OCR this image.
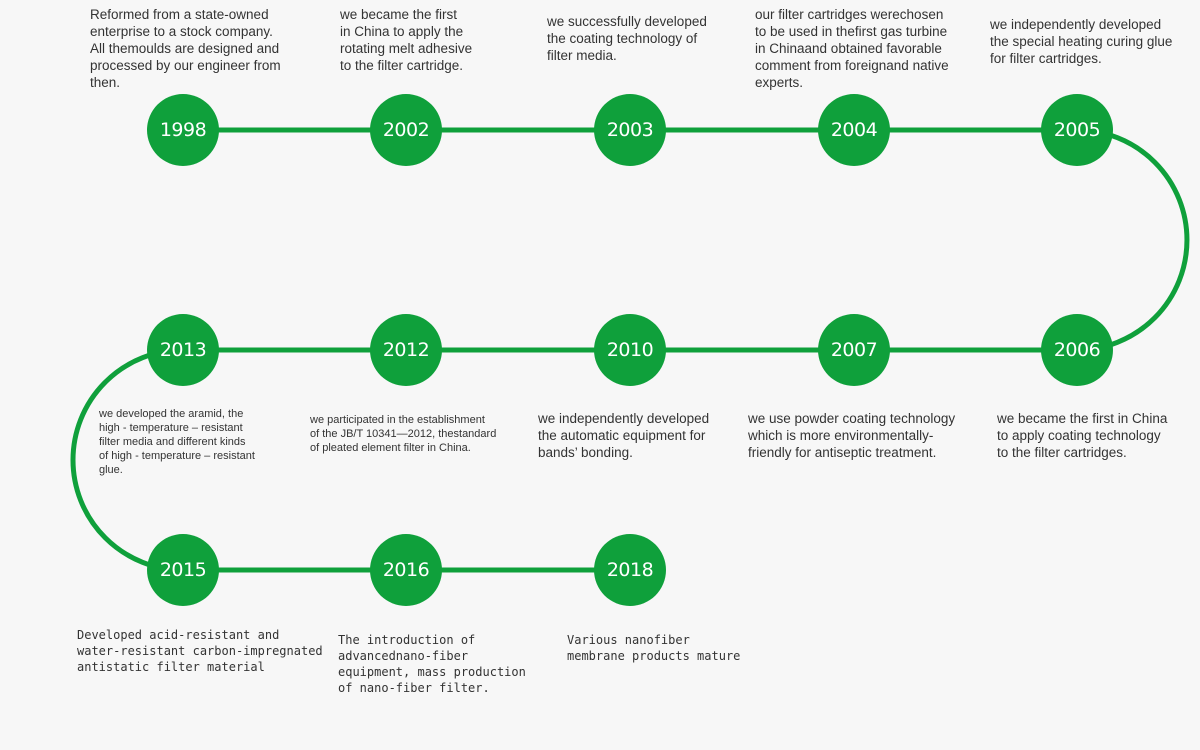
1998
Reformed from a state-owned
enterprise to a stock company.
All themoulds are designed and
processed by our engineer from
then.
2002
we became the first
in China to apply the
rotating melt adhesive
to the filter cartridge.
2003
we successfully developed
the coating technology of
filter media.
2004
our filter cartridges werechosen
to be used in thefirst gas turbine
in Chinaand obtained favorable
comment from foreignand native
experts.
2005
we independently developed
the special heating curing glue
for filter cartridges.
2006
we became the first in China
to apply coating technology
to the filter cartridges.
2007
we use powder coating technology
which is more environmentally-
friendly for antiseptic treatment.
2010
we independently developed
the automatic equipment for
bands’ bonding.
2012
we participated in the establishment
of the JB/T 10341—2012, thestandard
of pleated element filter in China.
2013
we developed the aramid, the
high - temperature – resistant
filter media and different kinds
of high - temperature – resistant
glue.
2015
Developed acid-resistant and
water-resistant carbon-impregnated
antistatic filter material
2016
The introduction of
advancednano-fiber
equipment, mass production
of nano-fiber filter.
2018
Various nanofiber
membrane products mature
